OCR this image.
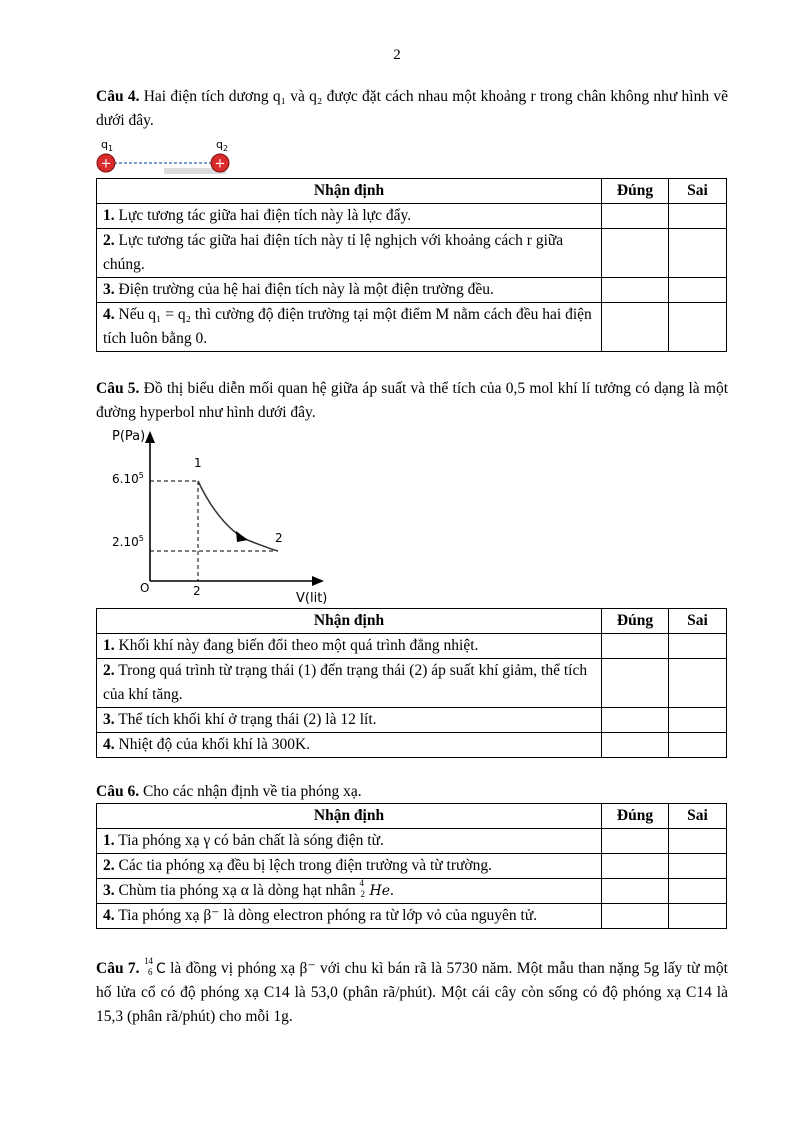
2
Câu 4. Hai điện tích dương q₁ và q₂ được đặt cách nhau một khoảng r trong chân không như hình vẽ dưới đây.
$q_1$	$q_2$
+	+
Nhận định	Đúng	Sai
1. Lực tương tác giữa hai điện tích này là lực đẩy.		
2. Lực tương tác giữa hai điện tích này tỉ lệ nghịch với khoảng cách r giữa chúng.		
3. Điện trường của hệ hai điện tích này là một điện trường đều.		
4. Nếu q₁ = q₂ thì cường độ điện trường tại một điểm M nằm cách đều hai điện tích luôn bằng 0.		
Câu 5. Đồ thị biểu diễn mối quan hệ giữa áp suất và thể tích của 0,5 mol khí lí tưởng có dạng là một đường hyperbol như hình dưới đây.
P(Pa)
V(lit)
6.10$^5$
2.10$^5$
2
O
1
2
Nhận định	Đúng	Sai
1. Khối khí này đang biến đổi theo một quá trình đẳng nhiệt.		
2. Trong quá trình từ trạng thái (1) đến trạng thái (2) áp suất khí giảm, thể tích của khí tăng.		
3. Thể tích khối khí ở trạng thái (2) là 12 lít.		
4. Nhiệt độ của khối khí là 300K.		
Câu 6. Cho các nhận định về tia phóng xạ.
Nhận định	Đúng	Sai
1. Tia phóng xạ γ có bản chất là sóng điện từ.		
2. Các tia phóng xạ đều bị lệch trong điện trường và từ trường.		
3. Chùm tia phóng xạ α là dòng hạt nhân 4
2 He.		
4. Tia phóng xạ β⁻ là dòng electron phóng ra từ lớp vỏ của nguyên tử.		
Câu 7. 14
6 C là đồng vị phóng xạ β⁻ với chu kì bán rã là 5730 năm. Một mẫu than nặng 5g lấy từ một hố lửa cổ có độ phóng xạ C14 là 53,0 (phân rã/phút). Một cái cây còn sống có độ phóng xạ C14 là 15,3 (phân rã/phút) cho mỗi 1g.
